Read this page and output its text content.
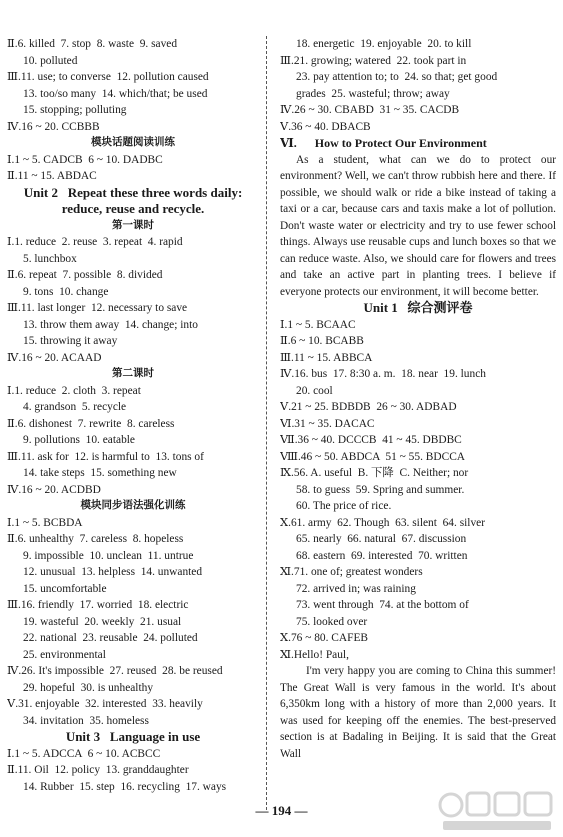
Ⅱ.6. killed  7. stop  8. waste  9. saved
10. polluted
Ⅲ.11. use; to converse  12. pollution caused
13. too/so many  14. which/that; be used
15. stopping; polluting
Ⅳ.16 ~ 20. CCBBB
模块话题阅读训练
Ⅰ.1 ~ 5. CADCB  6 ~ 10. DADBC
Ⅱ.11 ~ 15. ABDAC
Unit 2   Repeat these three words daily:
reduce, reuse and recycle.
第一课时
Ⅰ.1. reduce  2. reuse  3. repeat  4. rapid
5. lunchbox
Ⅱ.6. repeat  7. possible  8. divided
9. tons  10. change
Ⅲ.11. last longer  12. necessary to save
13. throw them away  14. change; into
15. throwing it away
Ⅳ.16 ~ 20. ACAAD
第二课时
Ⅰ.1. reduce  2. cloth  3. repeat
4. grandson  5. recycle
Ⅱ.6. dishonest  7. rewrite  8. careless
9. pollutions  10. eatable
Ⅲ.11. ask for  12. is harmful to  13. tons of
14. take steps  15. something new
Ⅳ.16 ~ 20. ACDBD
模块同步语法强化训练
Ⅰ.1 ~ 5. BCBDA
Ⅱ.6. unhealthy  7. careless  8. hopeless
9. impossible  10. unclean  11. untrue
12. unusual  13. helpless  14. unwanted
15. uncomfortable
Ⅲ.16. friendly  17. worried  18. electric
19. wasteful  20. weekly  21. usual
22. national  23. reusable  24. polluted
25. environmental
Ⅳ.26. It's impossible  27. reused  28. be reused
29. hopeful  30. is unhealthy
Ⅴ.31. enjoyable  32. interested  33. heavily
34. invitation  35. homeless
Unit 3   Language in use
Ⅰ.1 ~ 5. ADCCA  6 ~ 10. ACBCC
Ⅱ.11. Oil  12. policy  13. granddaughter
14. Rubber  15. step  16. recycling  17. ways
18. energetic  19. enjoyable  20. to kill
Ⅲ.21. growing; watered  22. took part in
23. pay attention to; to  24. so that; get good
grades  25. wasteful; throw; away
Ⅳ.26 ~ 30. CBABD  31 ~ 35. CACDB
Ⅴ.36 ~ 40. DBACB
Ⅵ.      How to Protect Our Environment
As a student, what can we do to protect our environment? Well, we can't throw rubbish here and there. If possible, we should walk or ride a bike instead of taking a taxi or a car, because cars and taxis make a lot of pollution. Don't waste water or electricity and try to use fewer school things. Always use reusable cups and lunch boxes so that we can reduce waste. Also, we should care for flowers and trees and take an active part in planting trees. I believe if everyone protects our environment, it will become better.
Unit 1   综合测评卷
Ⅰ.1 ~ 5. BCAAC
Ⅱ.6 ~ 10. BCABB
Ⅲ.11 ~ 15. ABBCA
Ⅳ.16. bus  17. 8:30 a. m.  18. near  19. lunch
20. cool
Ⅴ.21 ~ 25. BDBDB  26 ~ 30. ADBAD
Ⅵ.31 ~ 35. DACAC
Ⅶ.36 ~ 40. DCCCB  41 ~ 45. DBDBC
Ⅷ.46 ~ 50. ABDCA  51 ~ 55. BDCCA
Ⅸ.56. A. useful  B. 下降  C. Neither; nor
58. to guess  59. Spring and summer.
60. The price of rice.
Ⅹ.61. army  62. Though  63. silent  64. silver
65. nearly  66. natural  67. discussion
68. eastern  69. interested  70. written
Ⅺ.71. one of; greatest wonders
72. arrived in; was raining
73. went through  74. at the bottom of
75. looked over
Ⅹ.76 ~ 80. CAFEB
Ⅺ.Hello! Paul,
I'm very happy you are coming to China this summer! The Great Wall is very famous in the world. It's about 6,350km long with a history of more than 2,000 years. It was used for keeping off the enemies. The best-preserved section is at Badaling in Beijing. It is said that the Great Wall
— 194 —
